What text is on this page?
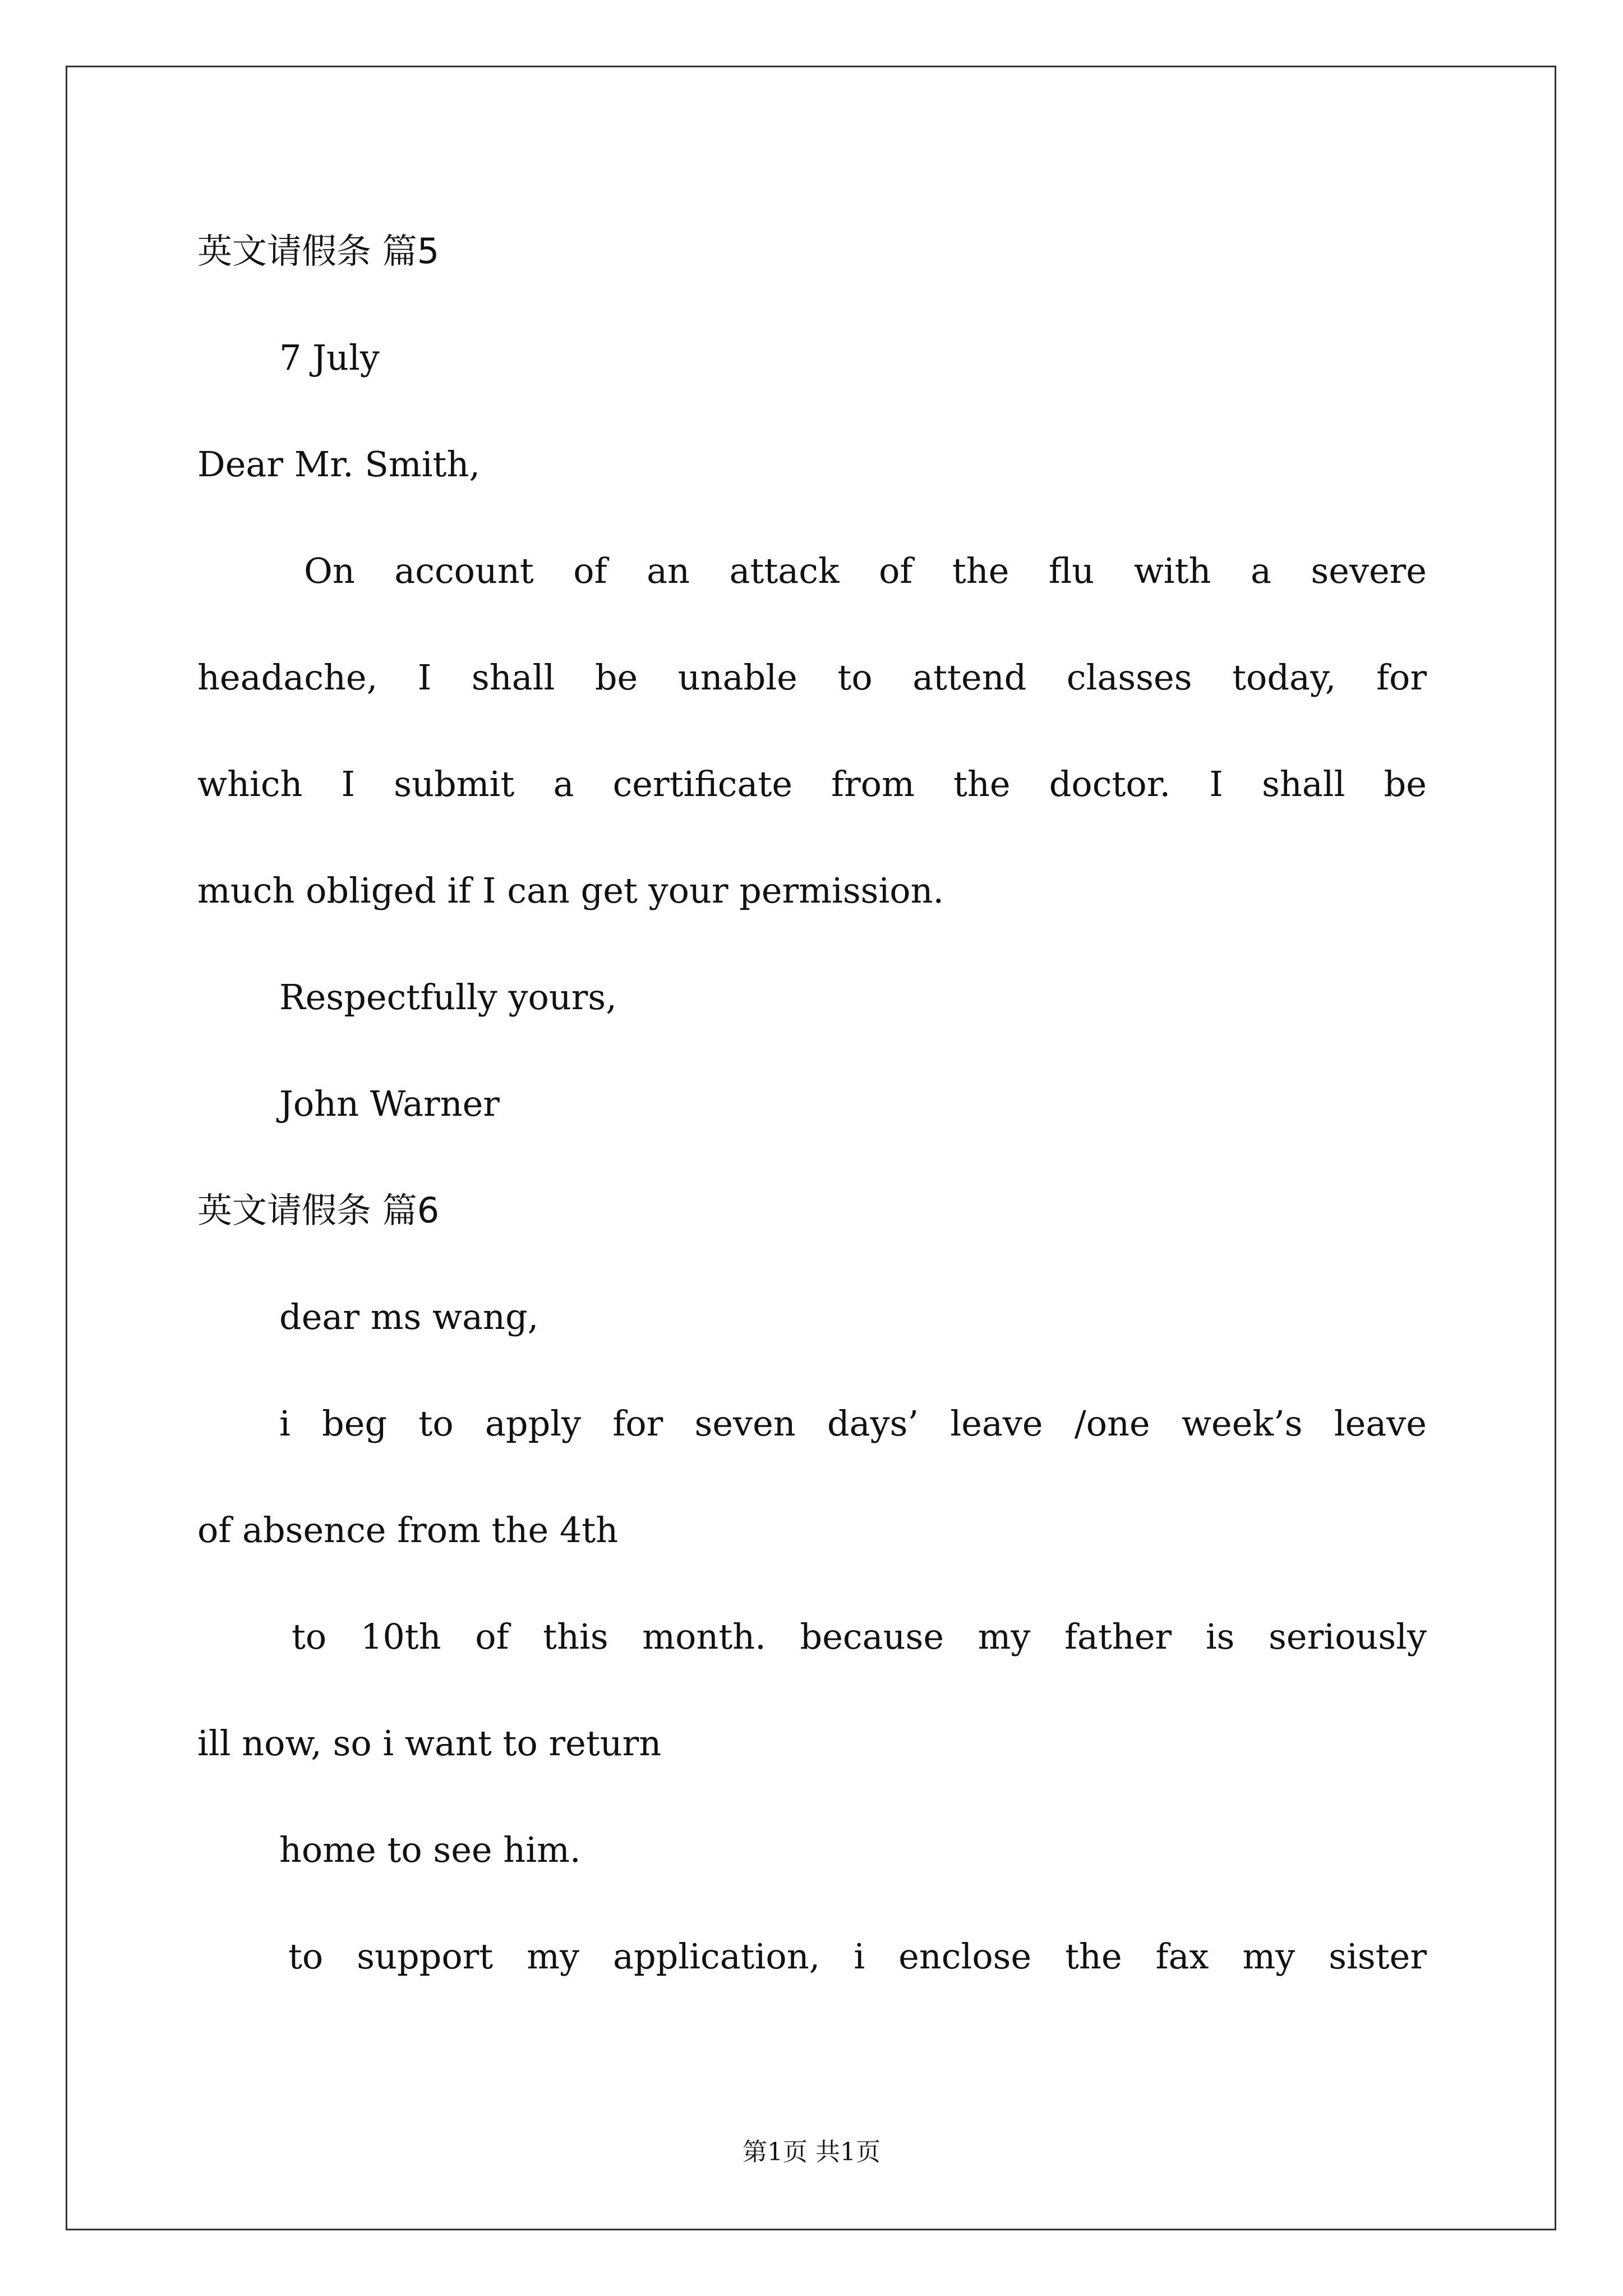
英文请假条 篇5
7 July
Dear Mr. Smith,
On account of an attack of the flu with a severe
headache, I shall be unable to attend classes today, for
which I submit a certificate from the doctor. I shall be
much obliged if I can get your permission.
Respectfully yours,
John Warner
英文请假条 篇6
dear ms wang,
i beg to apply for seven days’ leave /one week’s leave
of absence from the 4th
to 10th of this month. because my father is seriously
ill now, so i want to return
home to see him.
to support my application, i enclose the fax my sister
第1页 共1页
